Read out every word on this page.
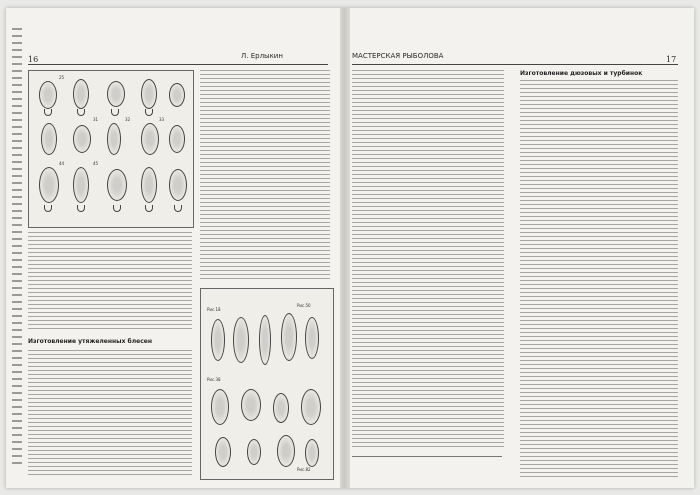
16	Л. Ерлыкин
25
31	32	33
44	45
Изготовление утяжеленных блесен
Рис.18
Рис.50
Рис.38
Рис.82
МАСТЕРСКАЯ РЫБОЛОВА	17
Изготовление дюзовых и турбинок
